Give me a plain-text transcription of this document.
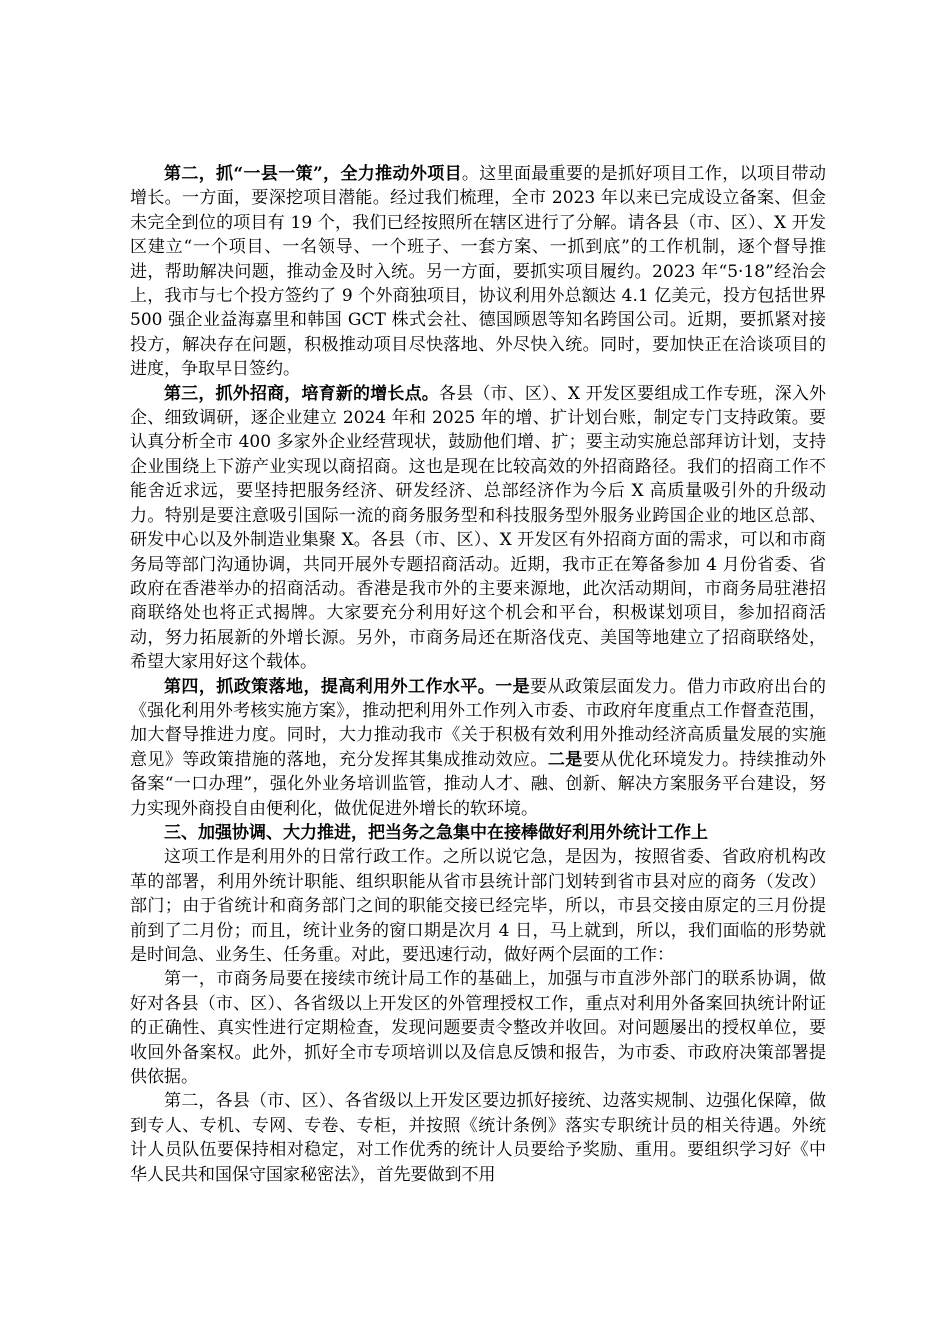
第二，抓“一县一策”，全力推动外项目。这里面最重要的是抓好项目工作，以项目带动增长。一方面，要深挖项目潜能。经过我们梳理，全市 2023 年以来已完成设立备案、但金未完全到位的项目有 19 个，我们已经按照所在辖区进行了分解。请各县（市、区）、X 开发区建立“一个项目、一名领导、一个班子、一套方案、一抓到底”的工作机制，逐个督导推进，帮助解决问题，推动金及时入统。另一方面，要抓实项目履约。2023 年“5·18”经治会上，我市与七个投方签约了 9 个外商独项目，协议利用外总额达 4.1 亿美元，投方包括世界 500 强企业益海嘉里和韩国 GCT 株式会社、德国顾恩等知名跨国公司。近期，要抓紧对接投方，解决存在问题，积极推动项目尽快落地、外尽快入统。同时，要加快正在洽谈项目的进度，争取早日签约。

第三，抓外招商，培育新的增长点。各县（市、区）、X 开发区要组成工作专班，深入外企、细致调研，逐企业建立 2024 年和 2025 年的增、扩计划台账，制定专门支持政策。要认真分析全市 400 多家外企业经营现状，鼓励他们增、扩；要主动实施总部拜访计划，支持企业围绕上下游产业实现以商招商。这也是现在比较高效的外招商路径。我们的招商工作不能舍近求远，要坚持把服务经济、研发经济、总部经济作为今后 X 高质量吸引外的升级动力。特别是要注意吸引国际一流的商务服务型和科技服务型外服务业跨国企业的地区总部、研发中心以及外制造业集聚 X。各县（市、区）、X 开发区有外招商方面的需求，可以和市商务局等部门沟通协调，共同开展外专题招商活动。近期，我市正在筹备参加 4 月份省委、省政府在香港举办的招商活动。香港是我市外的主要来源地，此次活动期间，市商务局驻港招商联络处也将正式揭牌。大家要充分利用好这个机会和平台，积极谋划项目，参加招商活动，努力拓展新的外增长源。另外，市商务局还在斯洛伐克、美国等地建立了招商联络处，希望大家用好这个载体。

第四，抓政策落地，提高利用外工作水平。一是要从政策层面发力。借力市政府出台的《强化利用外考核实施方案》，推动把利用外工作列入市委、市政府年度重点工作督查范围，加大督导推进力度。同时，大力推动我市《关于积极有效利用外推动经济高质量发展的实施意见》等政策措施的落地，充分发挥其集成推动效应。二是要从优化环境发力。持续推动外备案“一口办理”，强化外业务培训监管，推动人才、融、创新、解决方案服务平台建设，努力实现外商投自由便利化，做优促进外增长的软环境。

三、加强协调、大力推进，把当务之急集中在接棒做好利用外统计工作上

这项工作是利用外的日常行政工作。之所以说它急，是因为，按照省委、省政府机构改革的部署，利用外统计职能、组织职能从省市县统计部门划转到省市县对应的商务（发改）部门；由于省统计和商务部门之间的职能交接已经完毕，所以，市县交接由原定的三月份提前到了二月份；而且，统计业务的窗口期是次月 4 日，马上就到，所以，我们面临的形势就是时间急、业务生、任务重。对此，要迅速行动，做好两个层面的工作：

第一，市商务局要在接续市统计局工作的基础上，加强与市直涉外部门的联系协调，做好对各县（市、区）、各省级以上开发区的外管理授权工作，重点对利用外备案回执统计附证的正确性、真实性进行定期检查，发现问题要责令整改并收回。对问题屡出的授权单位，要收回外备案权。此外，抓好全市专项培训以及信息反馈和报告，为市委、市政府决策部署提供依据。

第二，各县（市、区）、各省级以上开发区要边抓好接统、边落实规制、边强化保障，做到专人、专机、专网、专卷、专柜，并按照《统计条例》落实专职统计员的相关待遇。外统计人员队伍要保持相对稳定，对工作优秀的统计人员要给予奖励、重用。要组织学习好《中华人民共和国保守国家秘密法》，首先要做到不用
